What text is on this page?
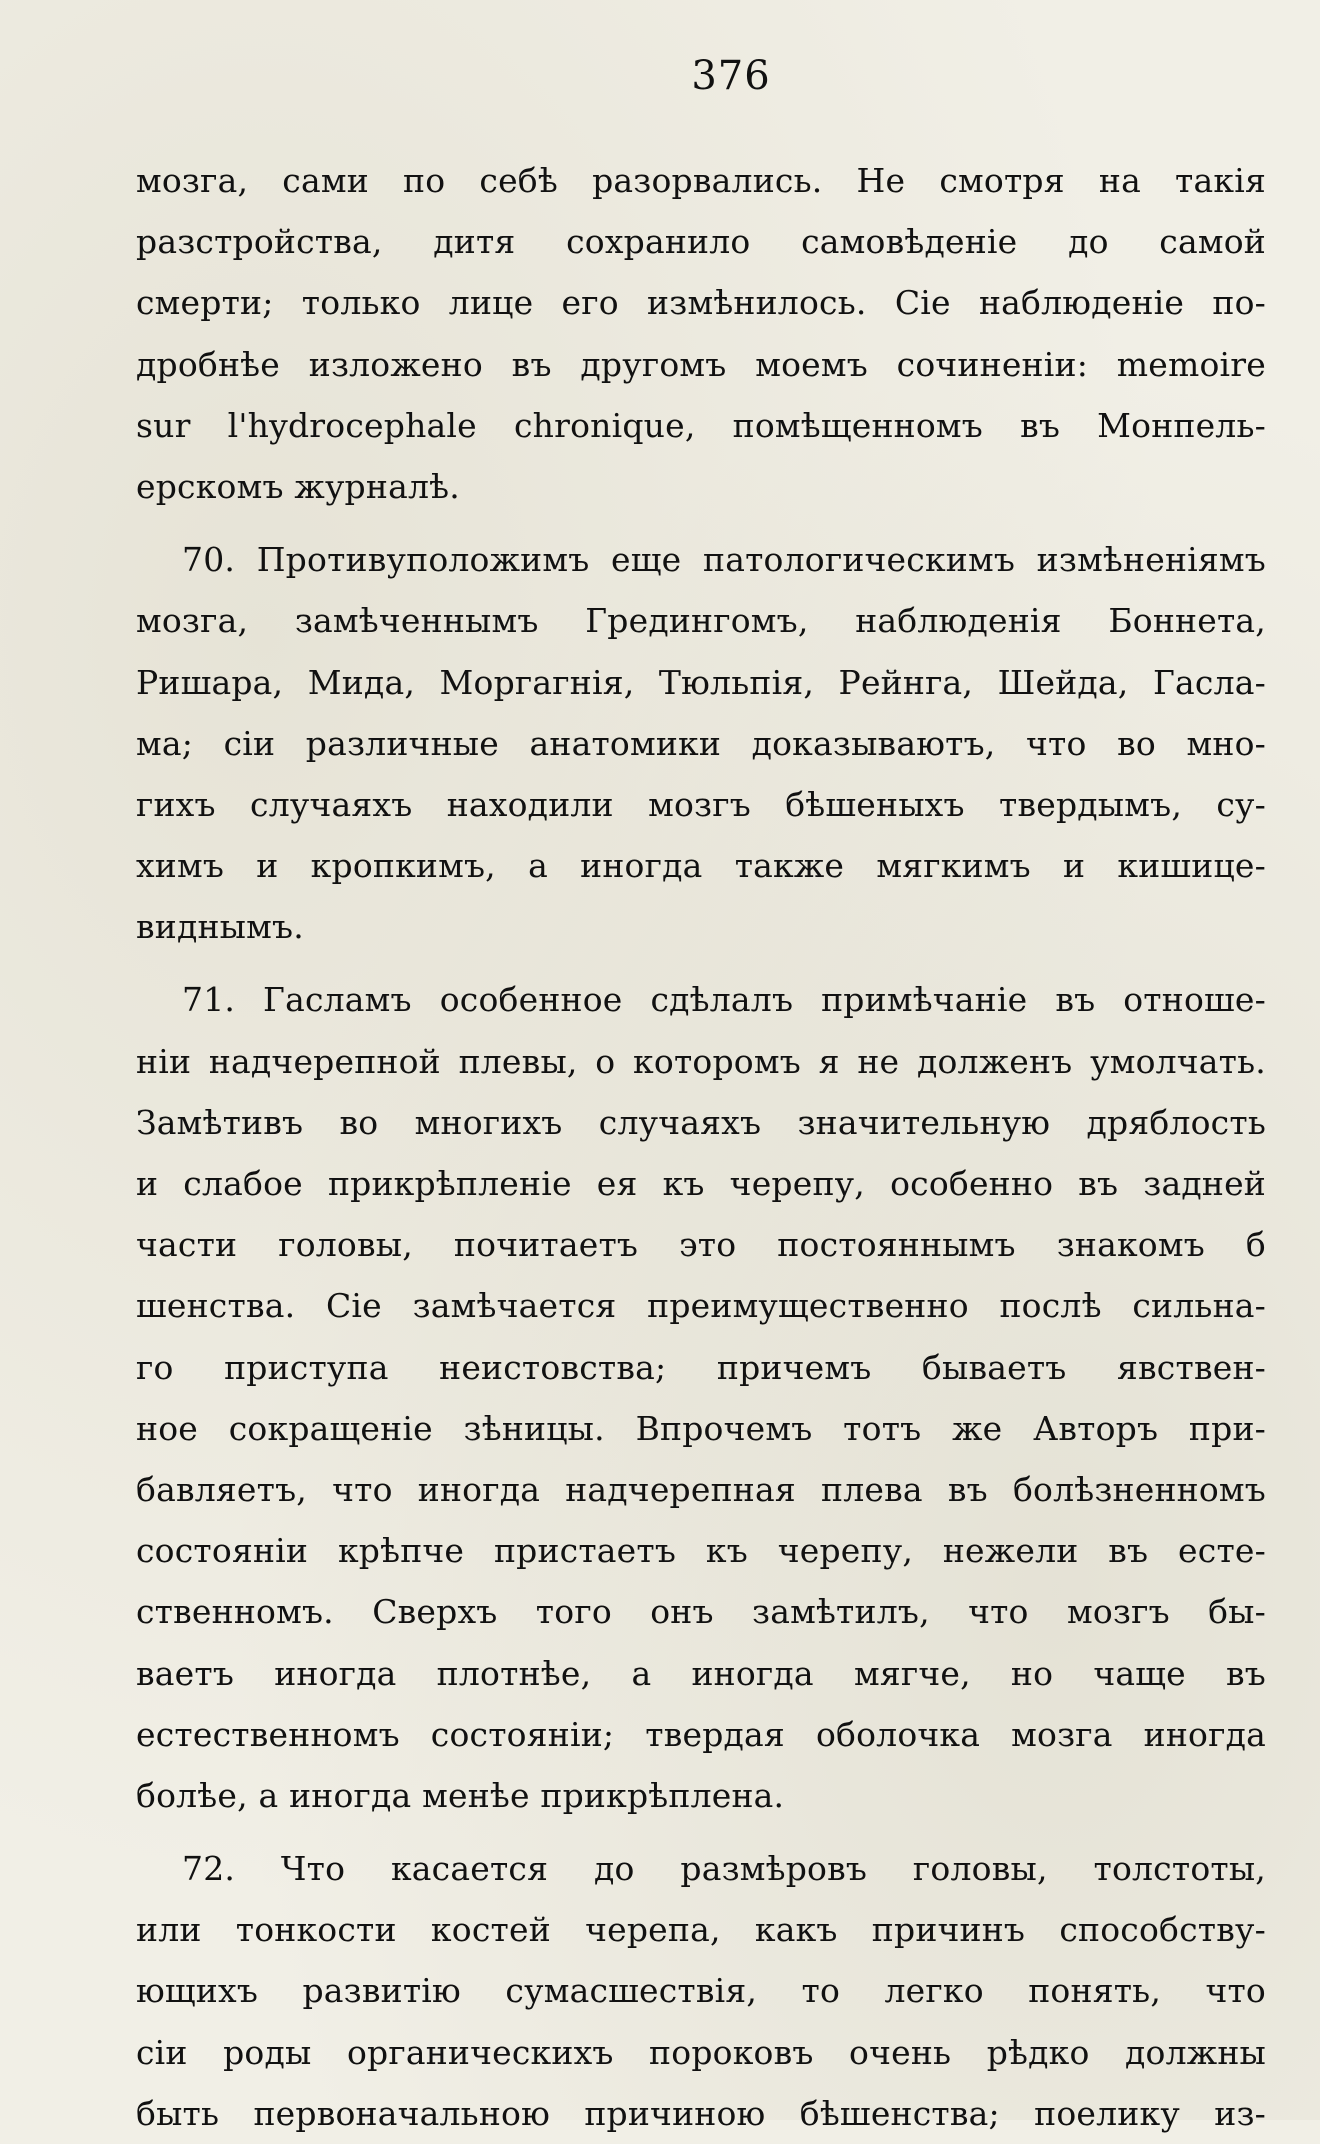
376
мозга, сами по себѣ разорвались. Не смотря на такія
разстройства, дитя сохранило самовѣденіе до самой
смерти; только лице его измѣнилось. Сіе наблюденіе по-
дробнѣе изложено въ другомъ моемъ сочиненіи: memoire
sur l'hydrocephale chronique, помѣщенномъ въ Монпель-
ерскомъ журналѣ.
70. Противуположимъ еще патологическимъ измѣненіямъ
мозга, замѣченнымъ Гредингомъ, наблюденія Боннета,
Ришара, Мида, Моргагнія, Тюльпія, Рейнга, Шейда, Гасла-
ма; сіи различные анатомики доказываютъ, что во мно-
гихъ случаяхъ находили мозгъ бѣшеныхъ твердымъ, су-
химъ и кропкимъ, а иногда также мягкимъ и кишице-
виднымъ.
71. Гасламъ особенное сдѣлалъ примѣчаніе въ отноше-
ніи надчерепной плевы, о которомъ я не долженъ умолчать.
Замѣтивъ во многихъ случаяхъ значительную дряблость
и слабое прикрѣпленіе ея къ черепу, особенно въ задней
части головы, почитаетъ это постояннымъ знакомъ б
шенства. Сіе замѣчается преимущественно послѣ сильна-
го приступа неистовства; причемъ бываетъ явствен-
ное сокращеніе зѣницы. Впрочемъ тотъ же Авторъ при-
бавляетъ, что иногда надчерепная плева въ болѣзненномъ
состояніи крѣпче пристаетъ къ черепу, нежели въ есте-
ственномъ. Сверхъ того онъ замѣтилъ, что мозгъ бы-
ваетъ иногда плотнѣе, а иногда мягче, но чаще въ
естественномъ состояніи; твердая оболочка мозга иногда
болѣе, а иногда менѣе прикрѣплена.
72. Что касается до размѣровъ головы, толстоты,
или тонкости костей черепа, какъ причинъ способству-
ющихъ развитію сумасшествія, то легко понять, что
сіи роды органическихъ пороковъ очень рѣдко должны
быть первоначальною причиною бѣшенства; поелику из-
